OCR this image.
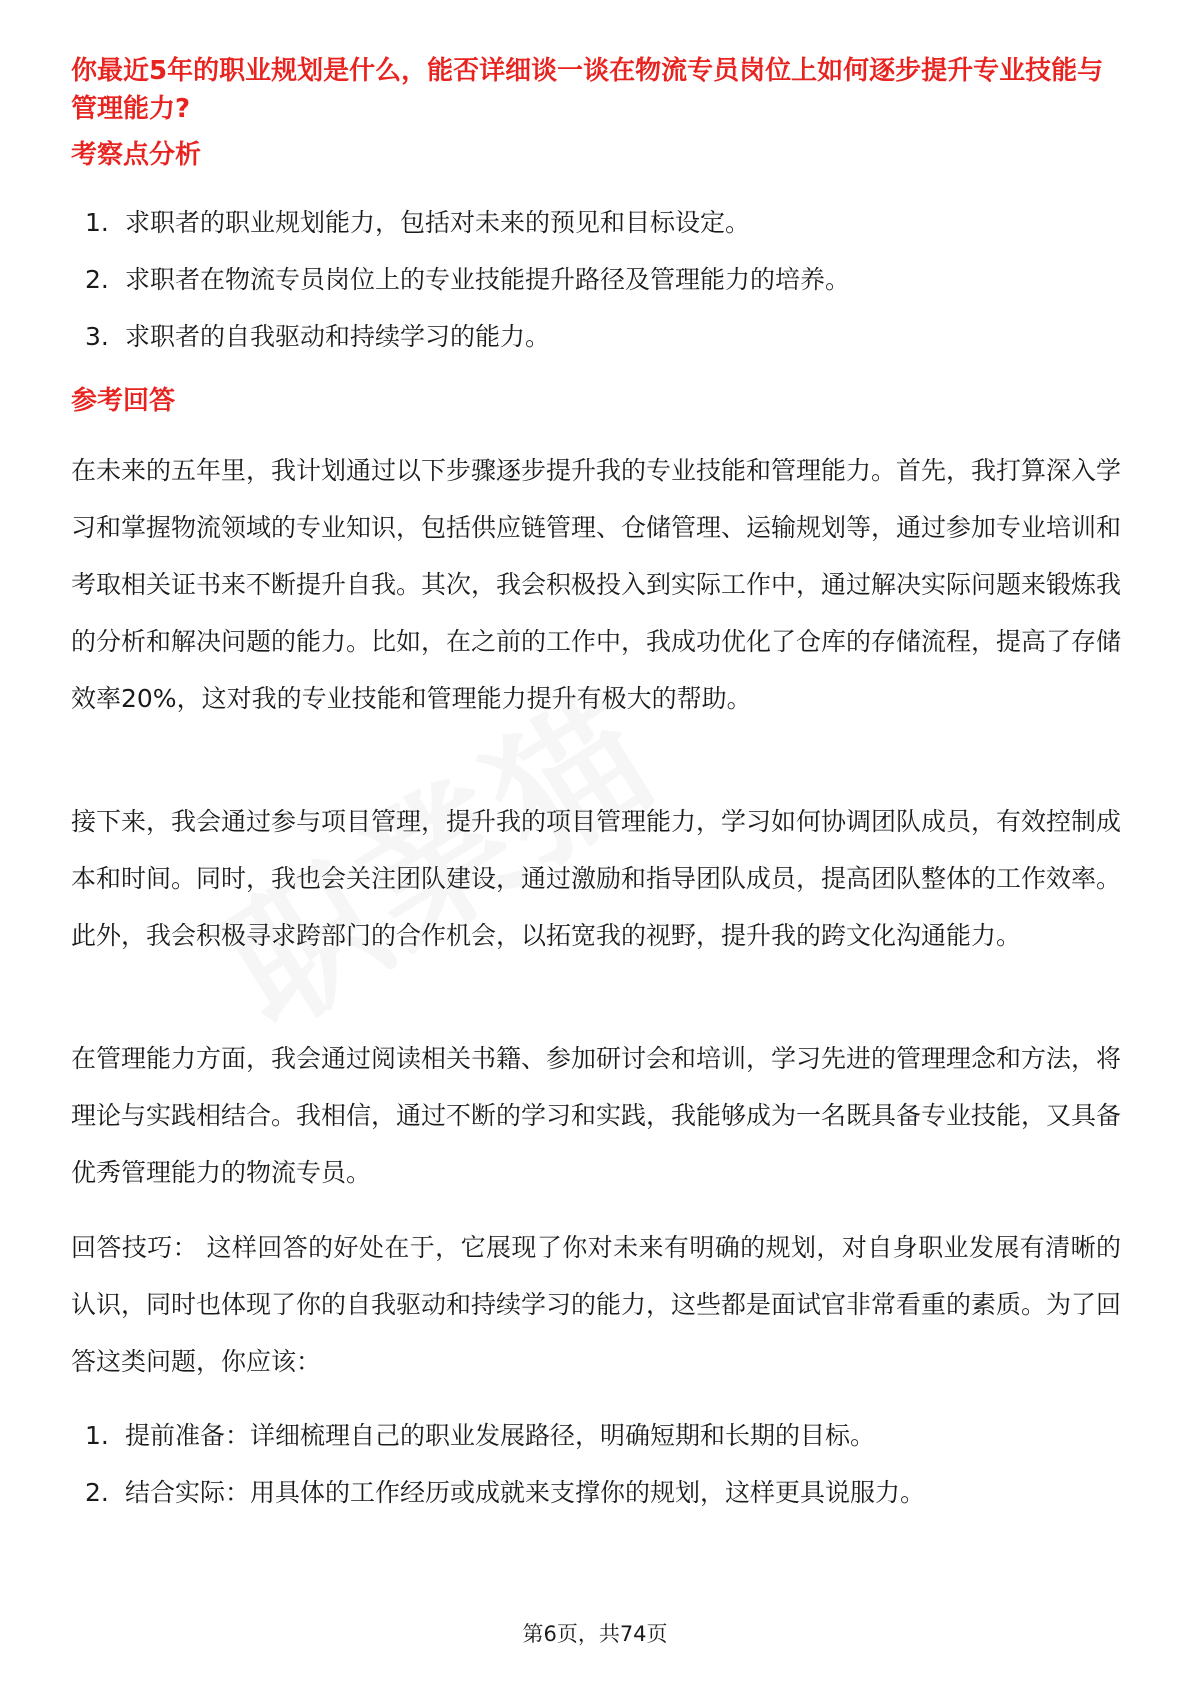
你最近5年的职业规划是什么，能否详细谈一谈在物流专员岗位上如何逐步提升专业技能与管理能力?
考察点分析
1. 求职者的职业规划能力，包括对未来的预见和目标设定。
2. 求职者在物流专员岗位上的专业技能提升路径及管理能力的培养。
3. 求职者的自我驱动和持续学习的能力。
参考回答

在未来的五年里，我计划通过以下步骤逐步提升我的专业技能和管理能力。首先，我打算深入学习和掌握物流领域的专业知识，包括供应链管理、仓储管理、运输规划等，通过参加专业培训和考取相关证书来不断提升自我。其次，我会积极投入到实际工作中，通过解决实际问题来锻炼我的分析和解决问题的能力。比如，在之前的工作中，我成功优化了仓库的存储流程，提高了存储效率20%，这对我的专业技能和管理能力提升有极大的帮助。

接下来，我会通过参与项目管理，提升我的项目管理能力，学习如何协调团队成员，有效控制成本和时间。同时，我也会关注团队建设，通过激励和指导团队成员，提高团队整体的工作效率。此外，我会积极寻求跨部门的合作机会，以拓宽我的视野，提升我的跨文化沟通能力。

在管理能力方面，我会通过阅读相关书籍、参加研讨会和培训，学习先进的管理理念和方法，将理论与实践相结合。我相信，通过不断的学习和实践，我能够成为一名既具备专业技能，又具备优秀管理能力的物流专员。

回答技巧： 这样回答的好处在于，它展现了你对未来有明确的规划，对自身职业发展有清晰的认识，同时也体现了你的自我驱动和持续学习的能力，这些都是面试官非常看重的素质。为了回答这类问题，你应该：

1. 提前准备：详细梳理自己的职业发展路径，明确短期和长期的目标。
2. 结合实际：用具体的工作经历或成就来支撑你的规划，这样更具说服力。

第6页，共74页
